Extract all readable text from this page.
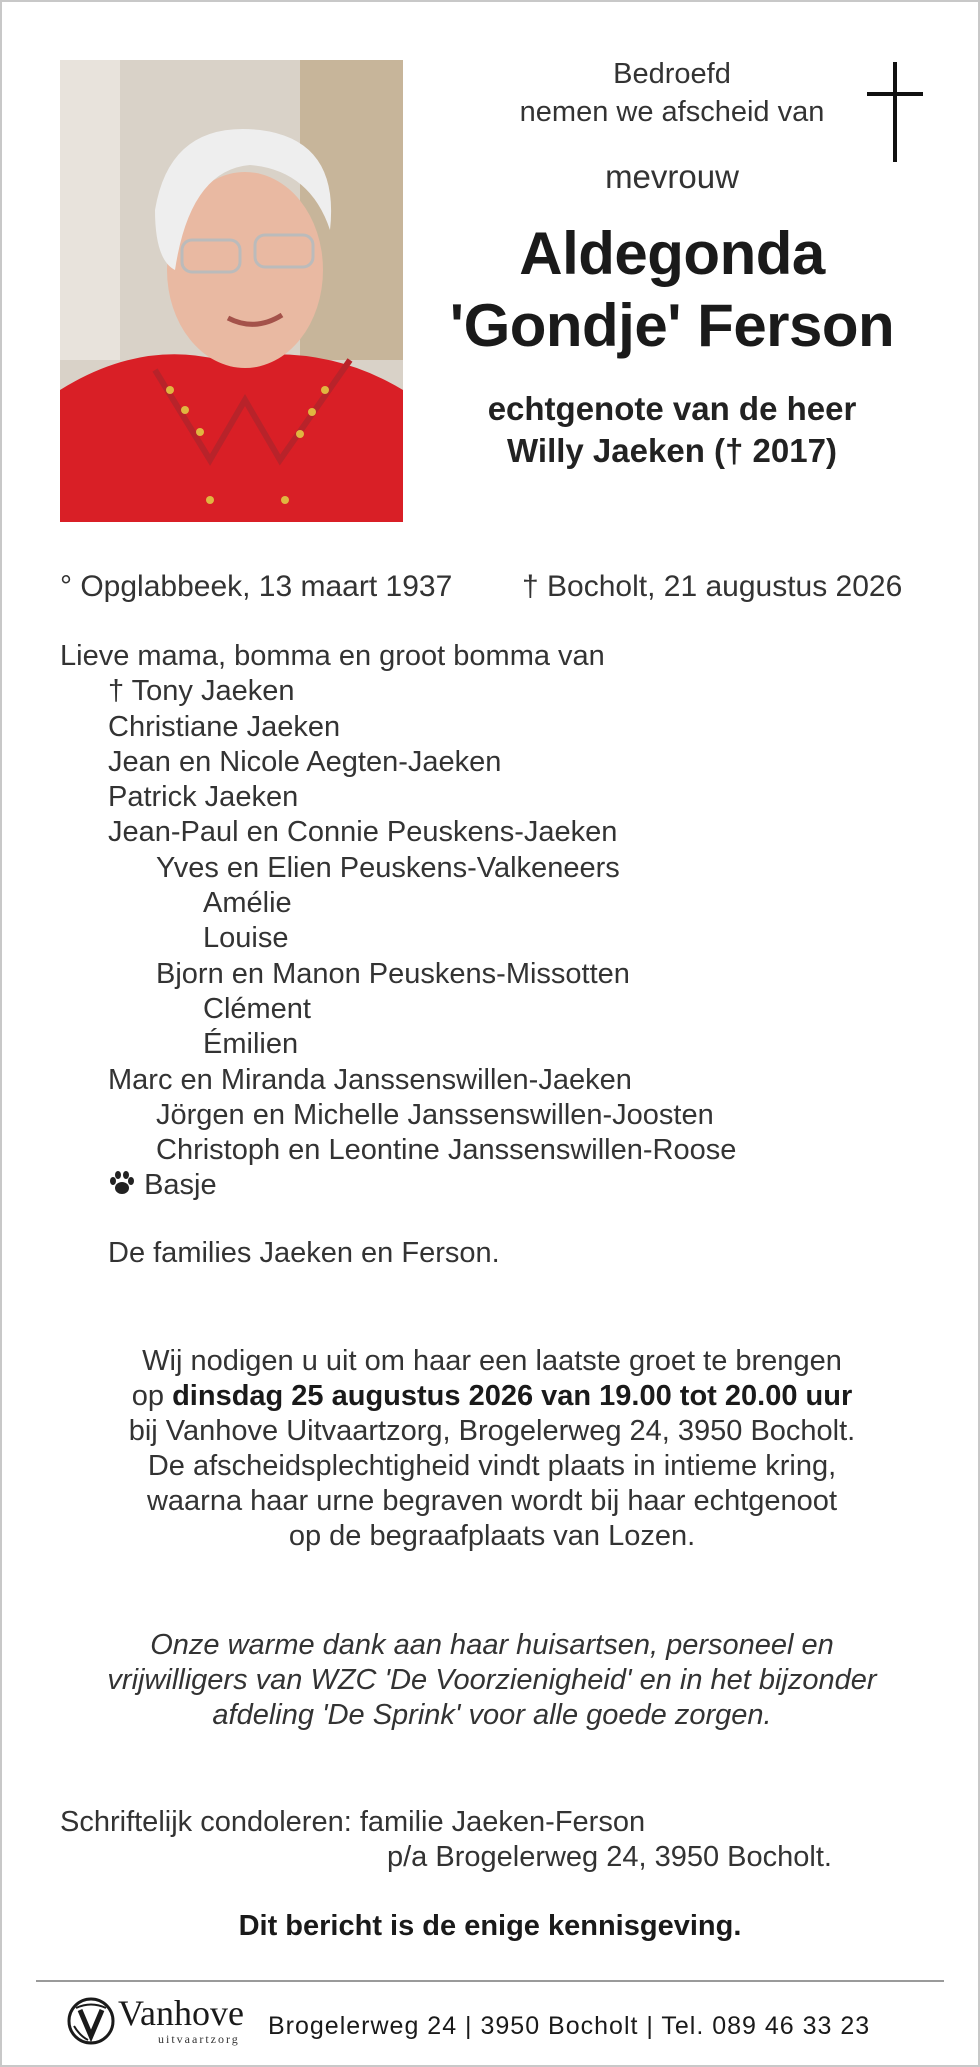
Bedroefd
nemen we afscheid van
mevrouw
Aldegonda
'Gondje' Ferson
echtgenote van de heer
Willy Jaeken († 2017)
° Opglabbeek, 13 maart 1937 † Bocholt, 21 augustus 2026
Lieve mama, bomma en groot bomma van
† Tony Jaeken
Christiane Jaeken
Jean en Nicole Aegten-Jaeken
Patrick Jaeken
Jean-Paul en Connie Peuskens-Jaeken
Yves en Elien Peuskens-Valkeneers
Amélie
Louise
Bjorn en Manon Peuskens-Missotten
Clément
Émilien
Marc en Miranda Janssenswillen-Jaeken
Jörgen en Michelle Janssenswillen-Joosten
Christoph en Leontine Janssenswillen-Roose
Basje
De families Jaeken en Ferson.
Wij nodigen u uit om haar een laatste groet te brengen
op dinsdag 25 augustus 2026 van 19.00 tot 20.00 uur
bij Vanhove Uitvaartzorg, Brogelerweg 24, 3950 Bocholt.
De afscheidsplechtigheid vindt plaats in intieme kring,
waarna haar urne begraven wordt bij haar echtgenoot
op de begraafplaats van Lozen.
Onze warme dank aan haar huisartsen, personeel en
vrijwilligers van WZC 'De Voorzienigheid' en in het bijzonder
afdeling 'De Sprink' voor alle goede zorgen.
Schriftelijk condoleren: familie Jaeken-Ferson
p/a Brogelerweg 24, 3950 Bocholt.
Dit bericht is de enige kennisgeving.
Vanhove
uitvaartzorg Brogelerweg 24 | 3950 Bocholt | Tel. 089 46 33 23
